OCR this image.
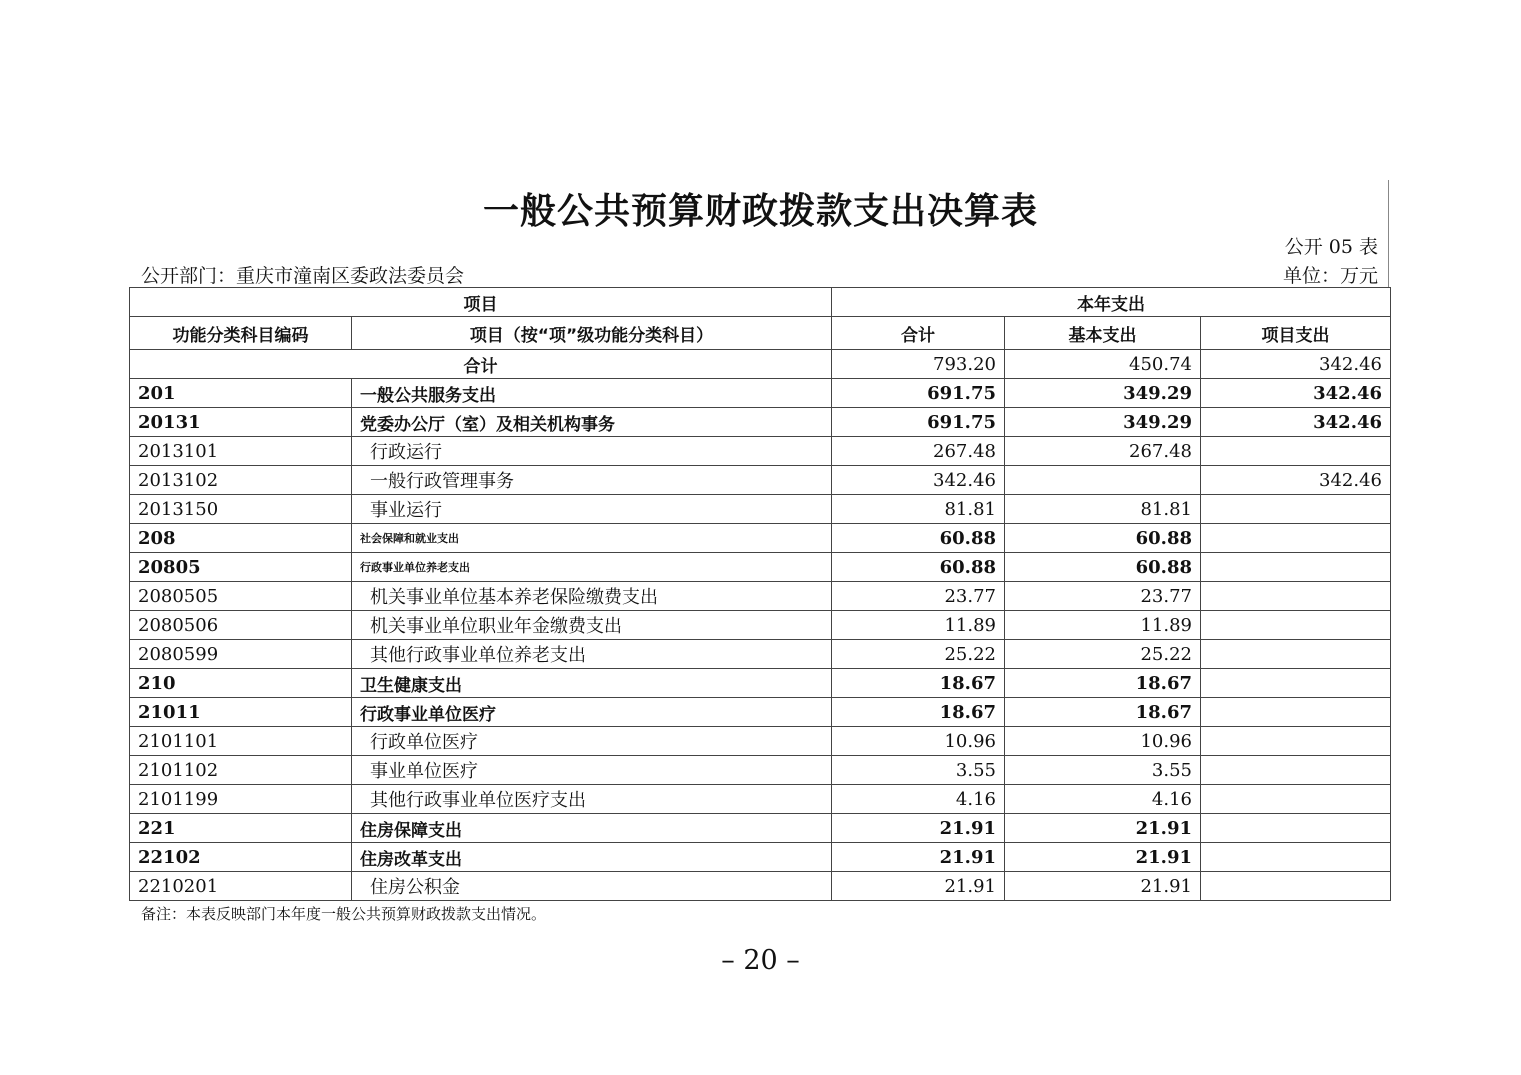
一般公共预算财政拨款支出决算表
公开 05 表
公开部门：重庆市潼南区委政法委员会	单位：万元
项目		本年支出		
功能分类科目编码	项目（按“项”级功能分类科目）	合计	基本支出	项目支出
合计		793.20	450.74	342.46
201	一般公共服务支出	691.75	349.29	342.46
20131	党委办公厅（室）及相关机构事务	691.75	349.29	342.46
2013101	行政运行	267.48	267.48	
2013102	一般行政管理事务	342.46		342.46
2013150	事业运行	81.81	81.81	
208	社会保障和就业支出	60.88	60.88	
20805	行政事业单位养老支出	60.88	60.88	
2080505	机关事业单位基本养老保险缴费支出	23.77	23.77	
2080506	机关事业单位职业年金缴费支出	11.89	11.89	
2080599	其他行政事业单位养老支出	25.22	25.22	
210	卫生健康支出	18.67	18.67	
21011	行政事业单位医疗	18.67	18.67	
2101101	行政单位医疗	10.96	10.96	
2101102	事业单位医疗	3.55	3.55	
2101199	其他行政事业单位医疗支出	4.16	4.16	
221	住房保障支出	21.91	21.91	
22102	住房改革支出	21.91	21.91	
2210201	住房公积金	21.91	21.91	
备注：本表反映部门本年度一般公共预算财政拨款支出情况。
– 20 –
